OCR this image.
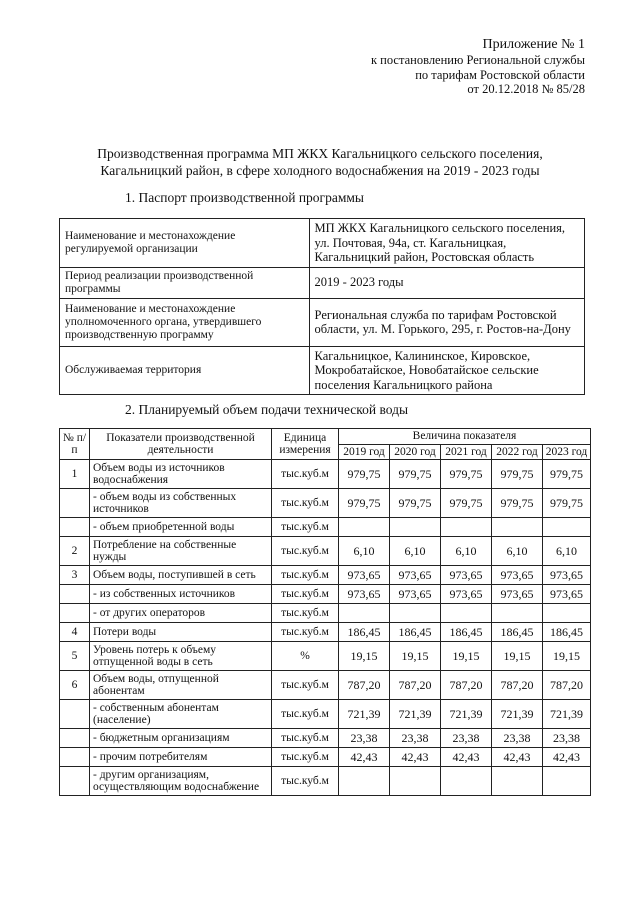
Приложение № 1
к постановлению Региональной службы
по тарифам Ростовской области
от 20.12.2018 № 85/28
Производственная программа МП ЖКХ Кагальницкого сельского поселения,
Кагальницкий район, в сфере холодного водоснабжения на 2019 - 2023 годы
1. Паспорт производственной программы
Наименование и местонахождение регулируемой организации	МП ЖКХ Кагальницкого сельского поселения, ул. Почтовая, 94а, ст. Кагальницкая, Кагальницкий район, Ростовская область
Период реализации производственной программы	2019 - 2023 годы
Наименование и местонахождение уполномоченного органа, утвердившего производственную программу	Региональная служба по тарифам Ростовской области, ул. М. Горького, 295, г. Ростов-на-Дону
Обслуживаемая территория	Кагальницкое, Калининское, Кировское, Мокробатайское, Новобатайское сельские поселения Кагальницкого района
2. Планируемый объем подачи технической воды
№ п/п	Показатели производственной деятельности	Единица измерения	Величина показателя				
			2019 год	2020 год	2021 год	2022 год	2023 год
1	Объем воды из источников водоснабжения	тыс.куб.м	979,75	979,75	979,75	979,75	979,75
	- объем воды из собственных источников	тыс.куб.м	979,75	979,75	979,75	979,75	979,75
	- объем приобретенной воды	тыс.куб.м					
2	Потребление на собственные нужды	тыс.куб.м	6,10	6,10	6,10	6,10	6,10
3	Объем воды, поступившей в сеть	тыс.куб.м	973,65	973,65	973,65	973,65	973,65
	- из собственных источников	тыс.куб.м	973,65	973,65	973,65	973,65	973,65
	- от других операторов	тыс.куб.м					
4	Потери воды	тыс.куб.м	186,45	186,45	186,45	186,45	186,45
5	Уровень потерь к объему отпущенной воды в сеть	%	19,15	19,15	19,15	19,15	19,15
6	Объем воды, отпущенной абонентам	тыс.куб.м	787,20	787,20	787,20	787,20	787,20
	- собственным абонентам (население)	тыс.куб.м	721,39	721,39	721,39	721,39	721,39
	- бюджетным организациям	тыс.куб.м	23,38	23,38	23,38	23,38	23,38
	- прочим потребителям	тыс.куб.м	42,43	42,43	42,43	42,43	42,43
	- другим организациям, осуществляющим водоснабжение	тыс.куб.м					
